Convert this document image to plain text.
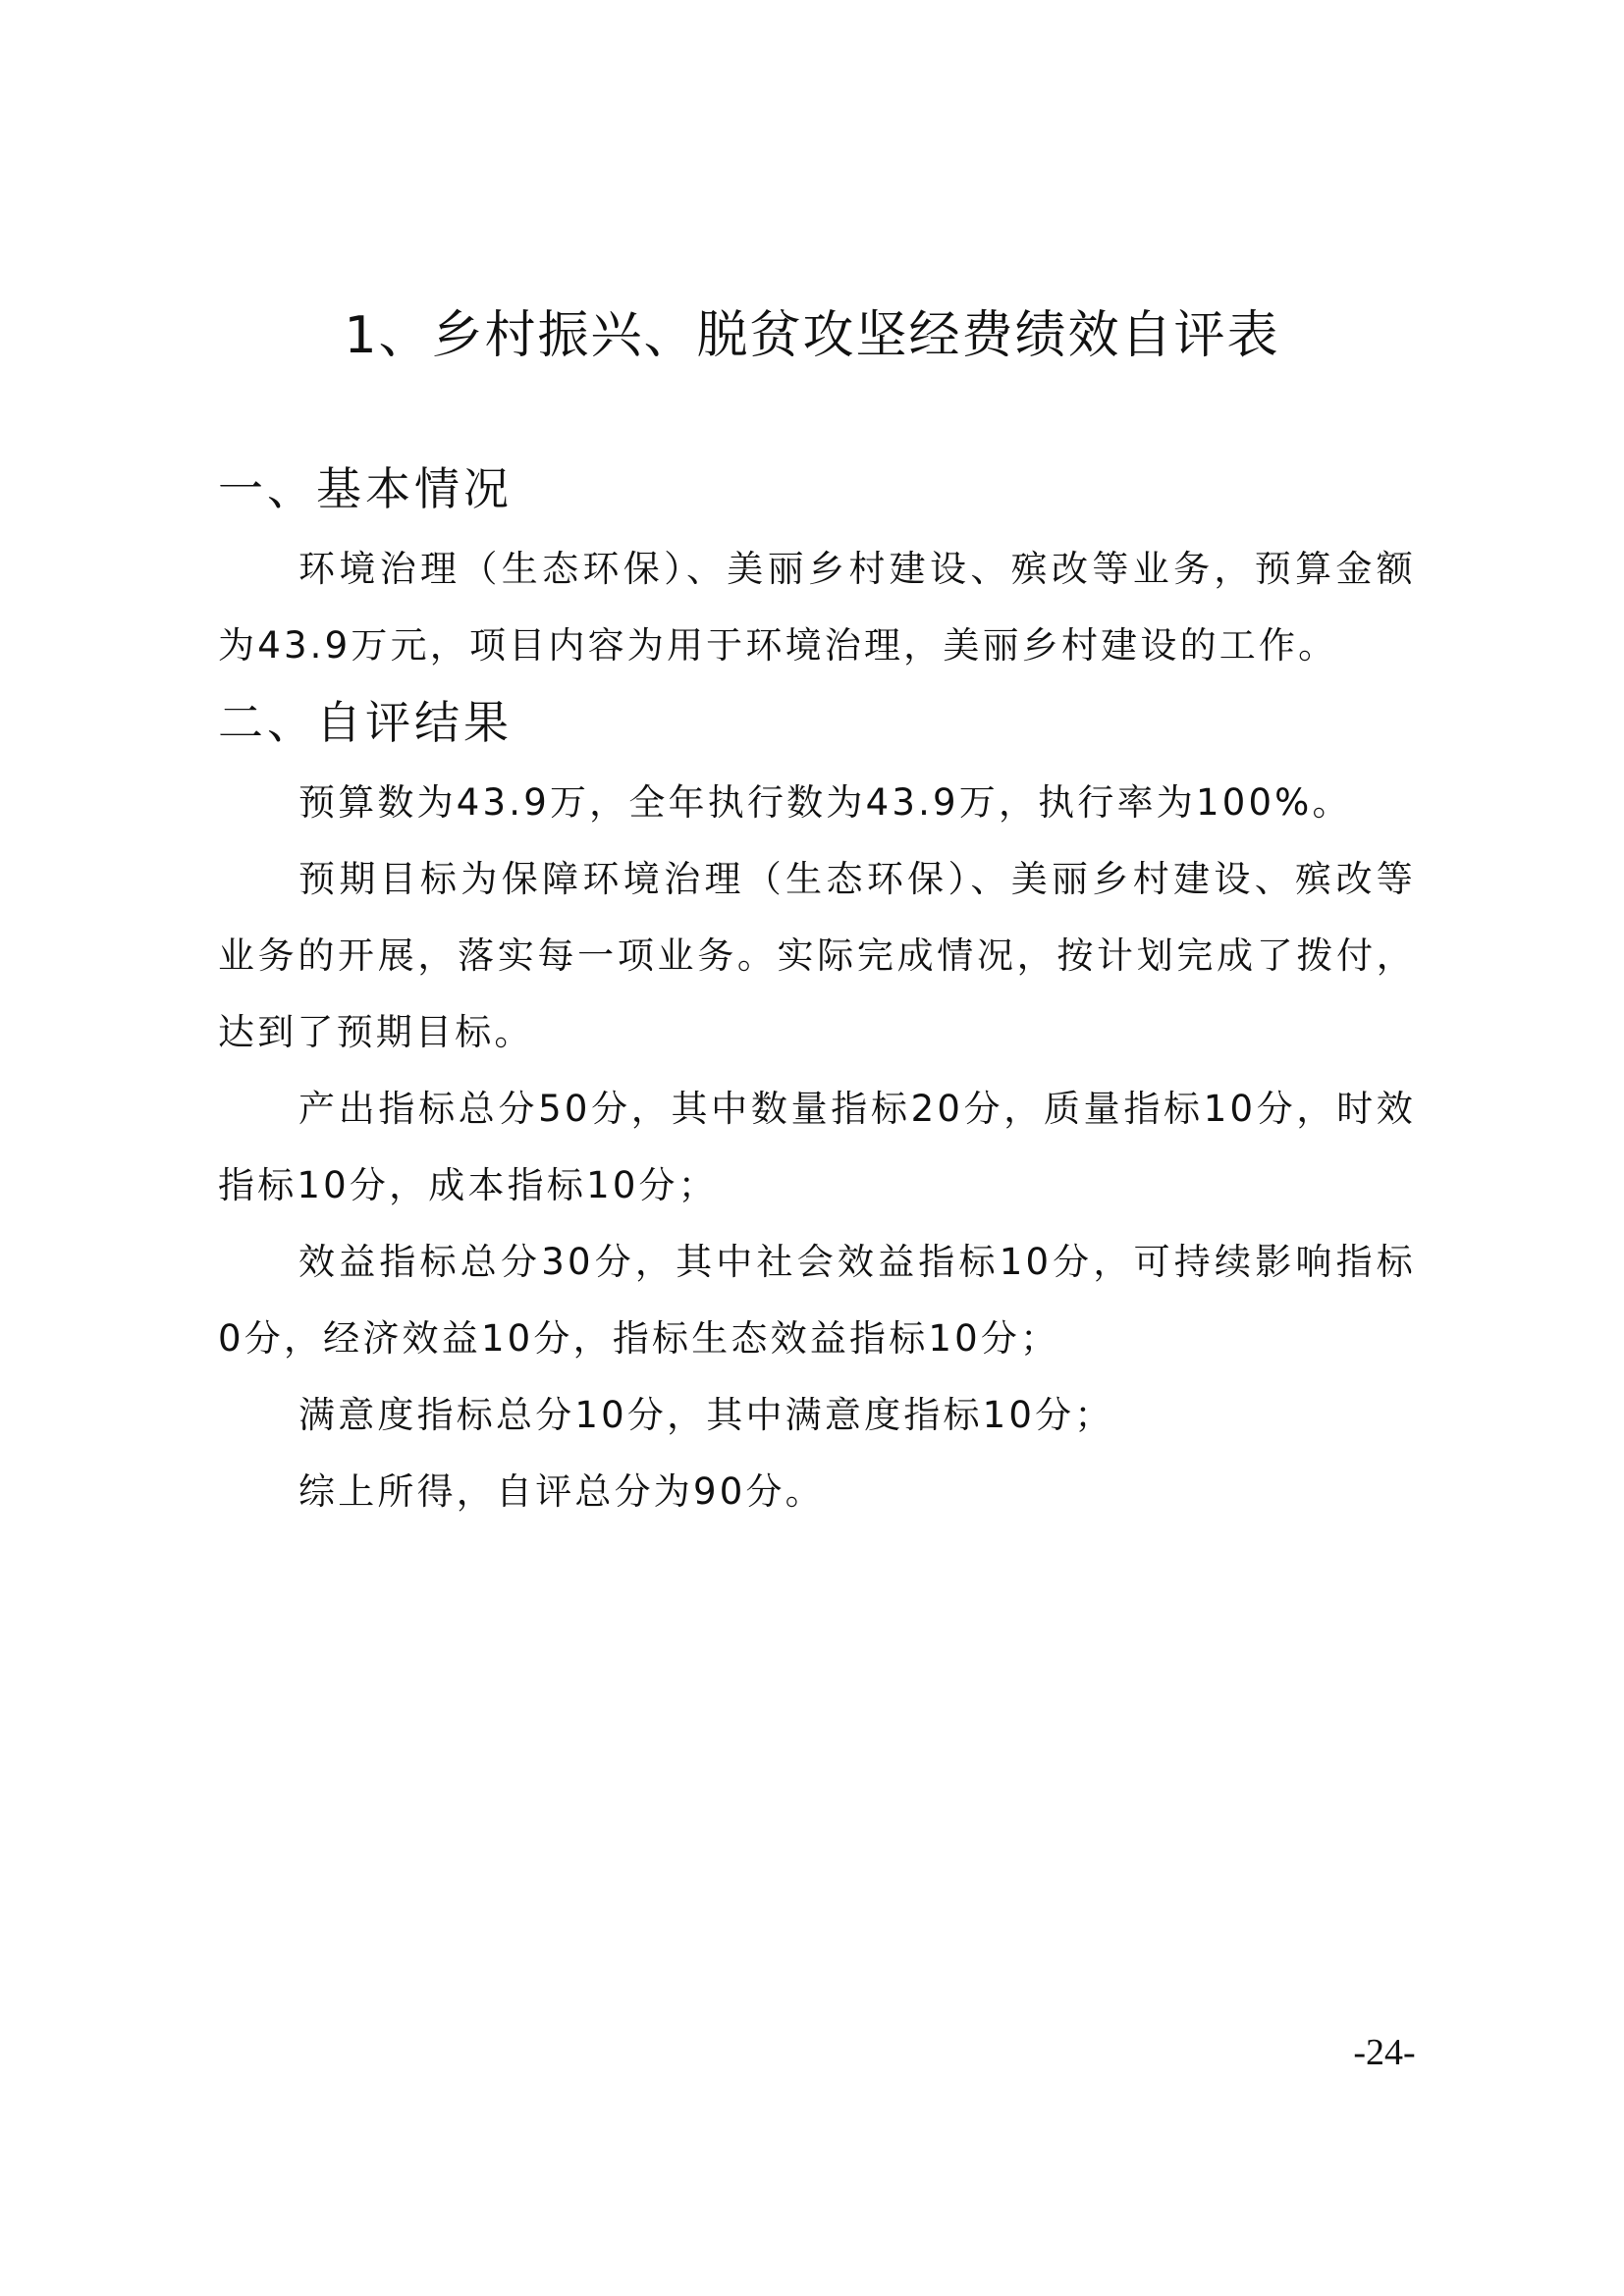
1、乡村振兴、脱贫攻坚经费绩效自评表
一、基本情况
环境治理（生态环保）、美丽乡村建设、殡改等业务，预算金额为43.9万元，项目内容为用于环境治理，美丽乡村建设的工作。
二、自评结果
预算数为43.9万，全年执行数为43.9万，执行率为100%。
预期目标为保障环境治理（生态环保）、美丽乡村建设、殡改等业务的开展，落实每一项业务。实际完成情况，按计划完成了拨付，达到了预期目标。
产出指标总分50分，其中数量指标20分，质量指标10分，时效指标10分，成本指标10分；
效益指标总分30分，其中社会效益指标10分，可持续影响指标0分，经济效益10分，指标生态效益指标10分；
满意度指标总分10分，其中满意度指标10分；
综上所得，自评总分为90分。
-24-
